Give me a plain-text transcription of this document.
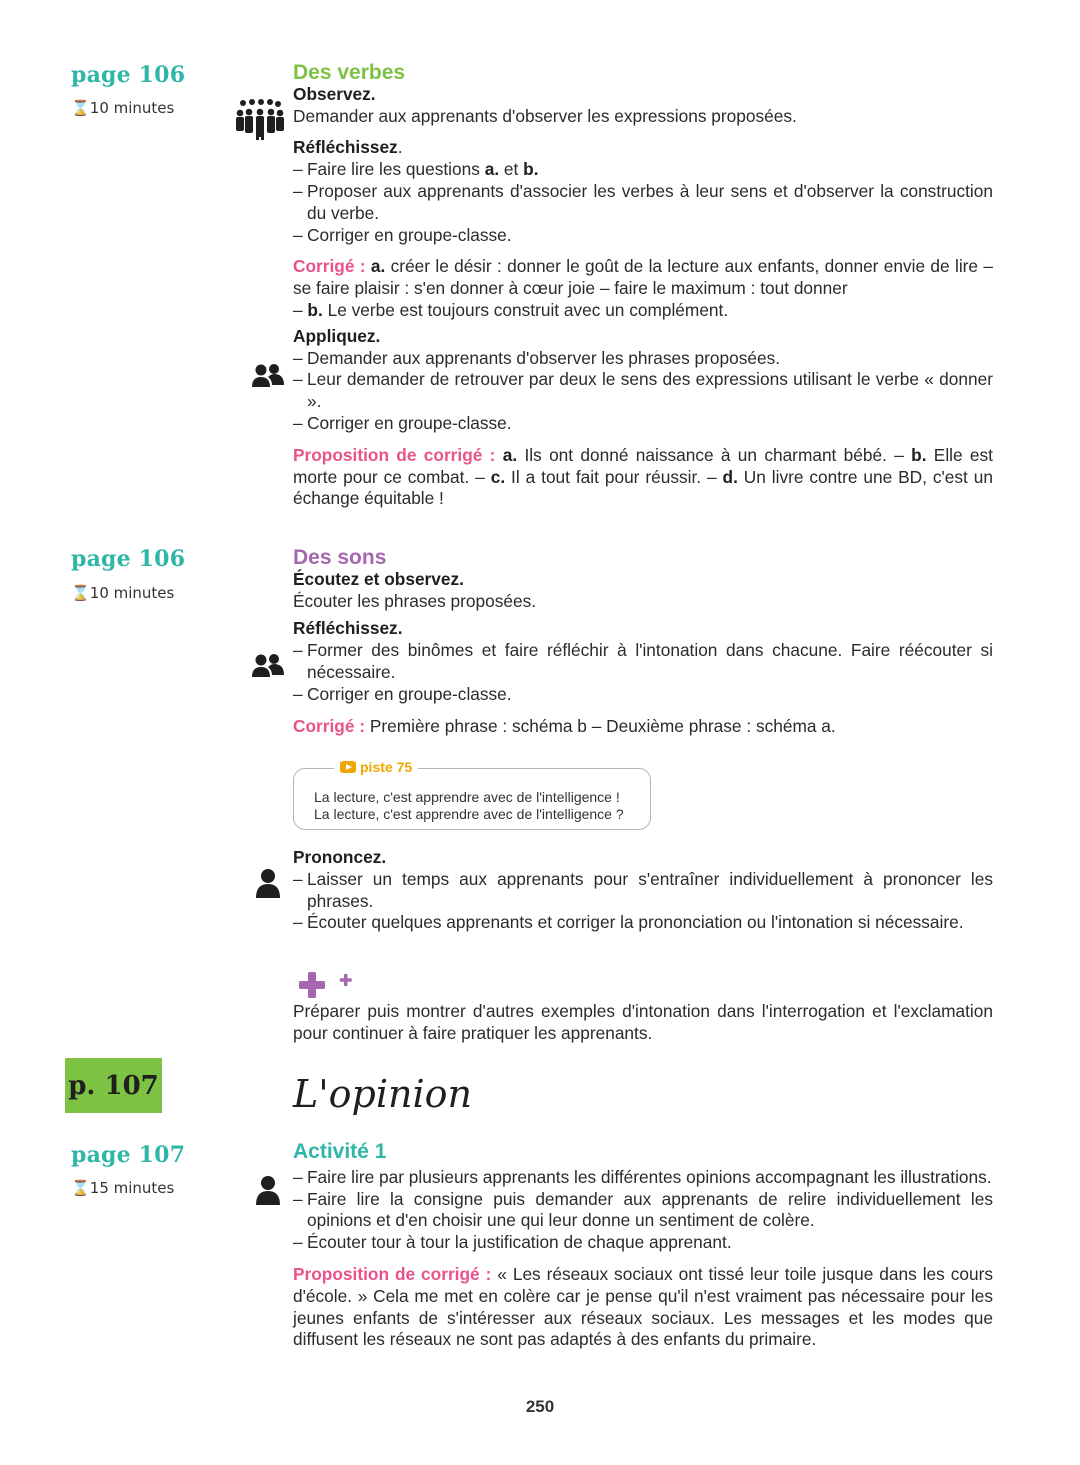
page 106
⌛ 10 minutes
Des verbes
Observez.
Demander aux apprenants d'observer les expressions proposées.
Réfléchissez.
– Faire lire les questions a. et b.
– Proposer aux apprenants d'associer les verbes à leur sens et d'observer la construction du verbe.
– Corriger en groupe-classe.
Corrigé : a. créer le désir : donner le goût de la lecture aux enfants, donner envie de lire – se faire plaisir : s'en donner à cœur joie – faire le maximum : tout donner
– b. Le verbe est toujours construit avec un complément.
Appliquez.
– Demander aux apprenants d'observer les phrases proposées.
– Leur demander de retrouver par deux le sens des expressions utilisant le verbe « donner ».
– Corriger en groupe-classe.
Proposition de corrigé : a. Ils ont donné naissance à un charmant bébé. – b. Elle est morte pour ce combat. – c. Il a tout fait pour réussir. – d. Un livre contre une BD, c'est un échange équitable !
page 106
⌛ 10 minutes
Des sons
Écoutez et observez.
Écouter les phrases proposées.
Réfléchissez.
– Former des binômes et faire réfléchir à l'intonation dans chacune. Faire réécouter si nécessaire.
– Corriger en groupe-classe.
Corrigé : Première phrase : schéma b – Deuxième phrase : schéma a.
piste 75
La lecture, c'est apprendre avec de l'intelligence !
La lecture, c'est apprendre avec de l'intelligence ?
Prononcez.
– Laisser un temps aux apprenants pour s'entraîner individuellement à prononcer les phrases.
– Écouter quelques apprenants et corriger la prononciation ou l'intonation si nécessaire.
Préparer puis montrer d'autres exemples d'intonation dans l'interrogation et l'exclamation pour continuer à faire pratiquer les apprenants.
p. 107	L'opinion
page 107
⌛ 15 minutes
Activité 1
– Faire lire par plusieurs apprenants les différentes opinions accompagnant les illustrations.
– Faire lire la consigne puis demander aux apprenants de relire individuellement les opinions et d'en choisir une qui leur donne un sentiment de colère.
– Écouter tour à tour la justification de chaque apprenant.
Proposition de corrigé : « Les réseaux sociaux ont tissé leur toile jusque dans les cours d'école. » Cela me met en colère car je pense qu'il n'est vraiment pas nécessaire pour les jeunes enfants de s'intéresser aux réseaux sociaux. Les messages et les modes que diffusent les réseaux ne sont pas adaptés à des enfants du primaire.
250
